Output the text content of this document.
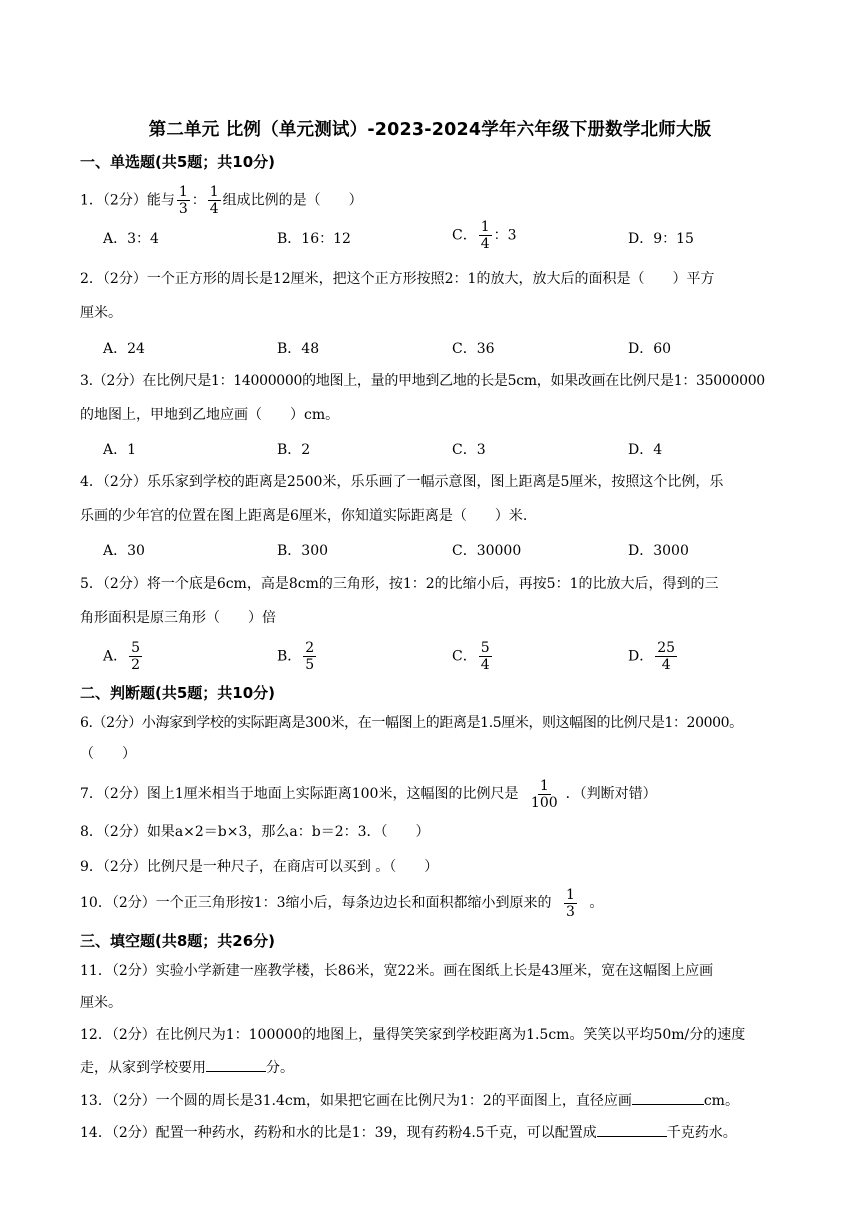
第二单元 比例（单元测试）-2023-2024学年六年级下册数学北师大版
一、单选题(共5题；共10分)
1．（2分）能与 $\frac{1}{3}$ ： $\frac{1}{4}$ 组成比例的是（　　）
A．3：4	B．16：12	C． $\frac{1}{4}$ ：3	D．9：15
2．（2分）一个正方形的周长是12厘米，把这个正方形按照2：1的放大，放大后的面积是（　　）平方
厘米。
A．24	B．48	C．36	D．60
3.（2分）在比例尺是1：14000000的地图上，量的甲地到乙地的长是5cm，如果改画在比例尺是1：35000000
的地图上，甲地到乙地应画（　　）cm。
A．1	B．2	C．3	D．4
4．（2分）乐乐家到学校的距离是2500米，乐乐画了一幅示意图，图上距离是5厘米，按照这个比例，乐
乐画的少年宫的位置在图上距离是6厘米，你知道实际距离是（　　）米.
A．30	B．300	C．30000	D．3000
5．（2分）将一个底是6cm，高是8cm的三角形，按1：2的比缩小后，再按5：1的比放大后，得到的三
角形面积是原三角形（　　）倍
A． $\frac{5}{2}$	B． $\frac{2}{5}$	C． $\frac{5}{4}$	D． $\frac{25}{4}$
二、判断题(共5题；共10分)
6.（2分）小海家到学校的实际距离是300米，在一幅图上的距离是1.5厘米，则这幅图的比例尺是1：20000。
（　　）
7．（2分）图上1厘米相当于地面上实际距离100米，这幅图的比例尺是 $\frac{1}{100}$ ．（判断对错）
8．（2分）如果a×2＝b×3，那么a：b＝2：3．（　　）
9．（2分）比例尺是一种尺子，在商店可以买到 。（　　）
10．（2分）一个正三角形按1：3缩小后，每条边边长和面积都缩小到原来的 $\frac{1}{3}$ 。
三、填空题(共8题；共26分)
11．（2分）实验小学新建一座教学楼，长86米，宽22米。画在图纸上长是43厘米，宽在这幅图上应画
厘米。
12．（2分）在比例尺为1：100000的地图上，量得笑笑家到学校距离为1.5cm。笑笑以平均50m/分的速度
走，从家到学校要用	分。
13．（2分）一个圆的周长是31.4cm，如果把它画在比例尺为1：2的平面图上，直径应画	cm。
14．（2分）配置一种药水，药粉和水的比是1：39，现有药粉4.5千克，可以配置成	千克药水。
